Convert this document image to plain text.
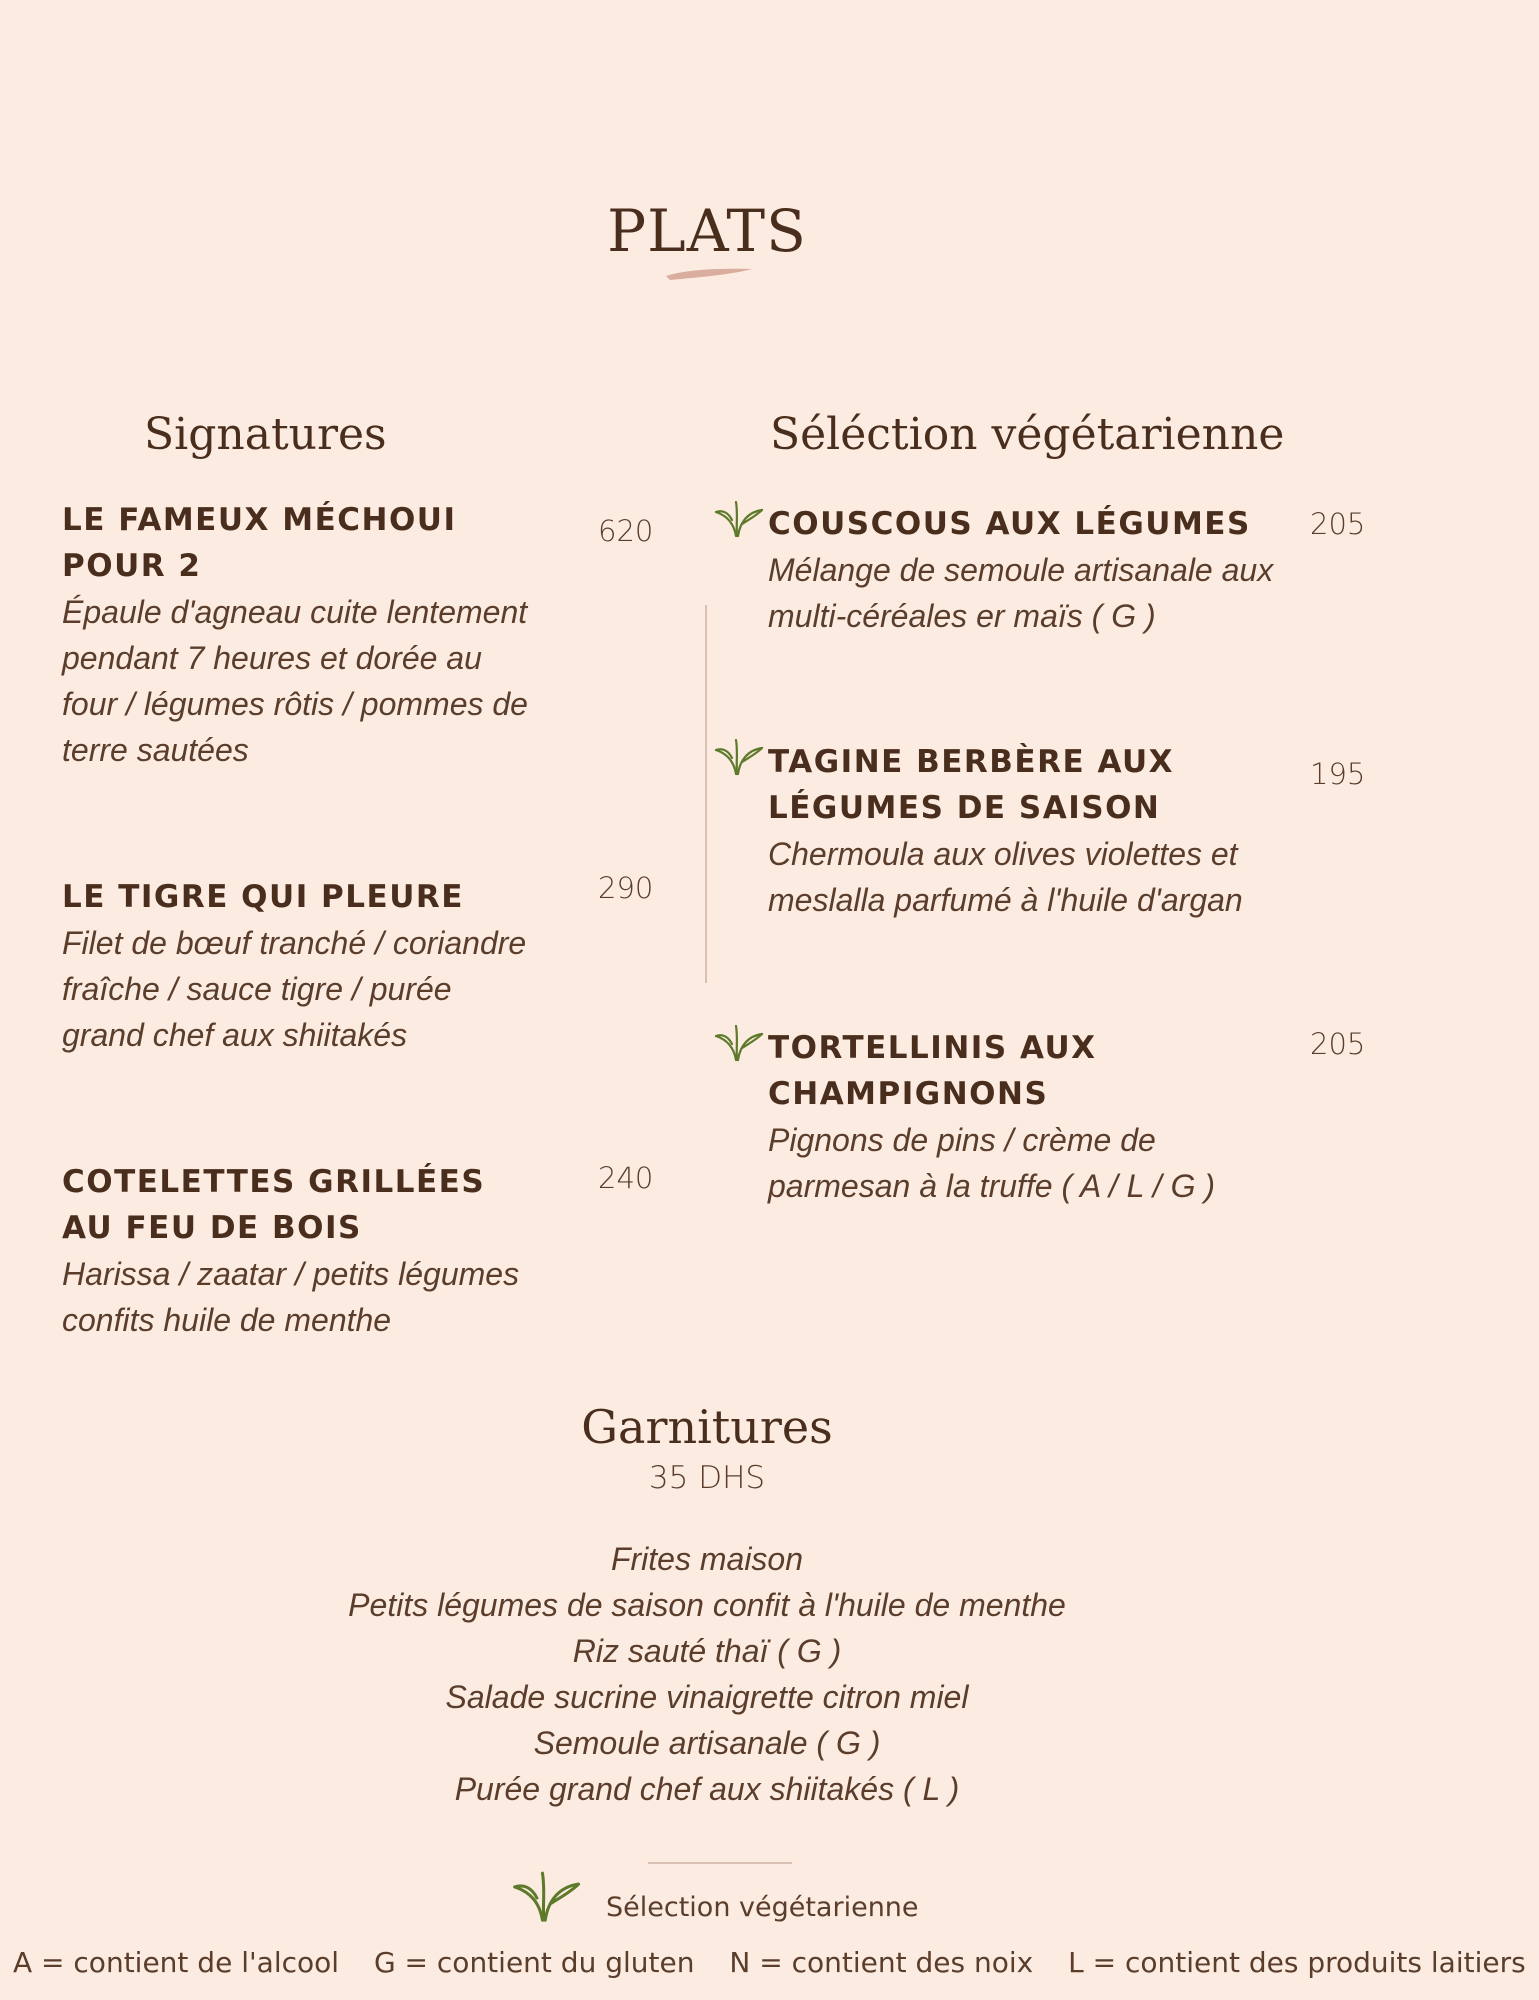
PLATS
Signatures
LE FAMEUX MÉCHOUI POUR 2
Épaule d'agneau cuite lentement pendant 7 heures et dorée au four / légumes rôtis / pommes de terre sautées
620
LE TIGRE QUI PLEURE
Filet de bœuf tranché / coriandre fraîche / sauce tigre / purée grand chef aux shiitakés
290
COTELETTES GRILLÉES AU FEU DE BOIS
Harissa / zaatar / petits légumes confits huile de menthe
240
Séléction végétarienne
COUSCOUS AUX LÉGUMES
Mélange de semoule artisanale aux multi-céréales er maïs ( G )
205
TAGINE BERBÈRE AUX LÉGUMES DE SAISON
Chermoula aux olives violettes et meslalla parfumé à l'huile d'argan
195
TORTELLINIS AUX CHAMPIGNONS
Pignons de pins / crème de parmesan à la truffe ( A / L / G )
205
Garnitures
35 DHS
Frites maison
Petits légumes de saison confit à l'huile de menthe
Riz sauté thaï ( G )
Salade sucrine vinaigrette citron miel
Semoule artisanale ( G )
Purée grand chef aux shiitakés ( L )
Sélection végétarienne
A = contient de l'alcool G = contient du gluten N = contient des noix L = contient des produits laitiers
